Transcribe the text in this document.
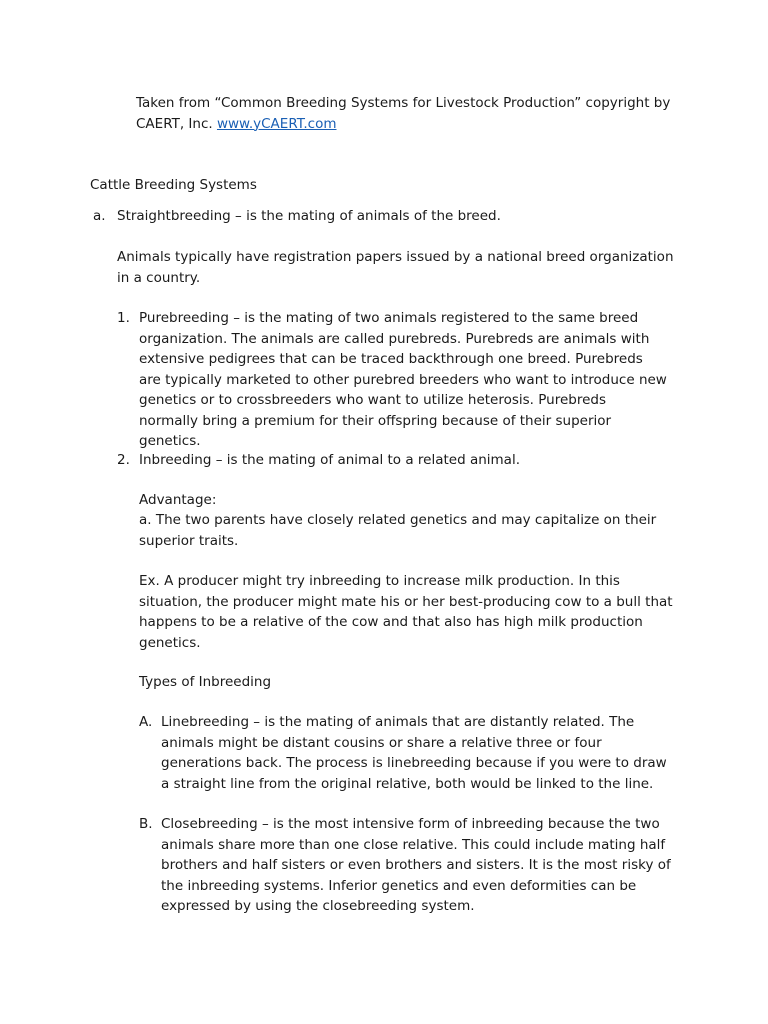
Taken from “Common Breeding Systems for Livestock Production” copyright by CAERT, Inc. www.yCAERT.com

Cattle Breeding Systems

a. Straightbreeding – is the mating of animals of the breed.

Animals typically have registration papers issued by a national breed organization in a country.

1. Purebreeding – is the mating of two animals registered to the same breed organization. The animals are called purebreds. Purebreds are animals with extensive pedigrees that can be traced backthrough one breed. Purebreds are typically marketed to other purebred breeders who want to introduce new genetics or to crossbreeders who want to utilize heterosis. Purebreds normally bring a premium for their offspring because of their superior genetics.

2. Inbreeding – is the mating of animal to a related animal.

Advantage:

a. The two parents have closely related genetics and may capitalize on their superior traits.

Ex. A producer might try inbreeding to increase milk production. In this situation, the producer might mate his or her best-producing cow to a bull that happens to be a relative of the cow and that also has high milk production genetics.

Types of Inbreeding

A. Linebreeding – is the mating of animals that are distantly related. The animals might be distant cousins or share a relative three or four generations back. The process is linebreeding because if you were to draw a straight line from the original relative, both would be linked to the line.

B. Closebreeding – is the most intensive form of inbreeding because the two animals share more than one close relative. This could include mating half brothers and half sisters or even brothers and sisters. It is the most risky of the inbreeding systems. Inferior genetics and even deformities can be expressed by using the closebreeding system.
